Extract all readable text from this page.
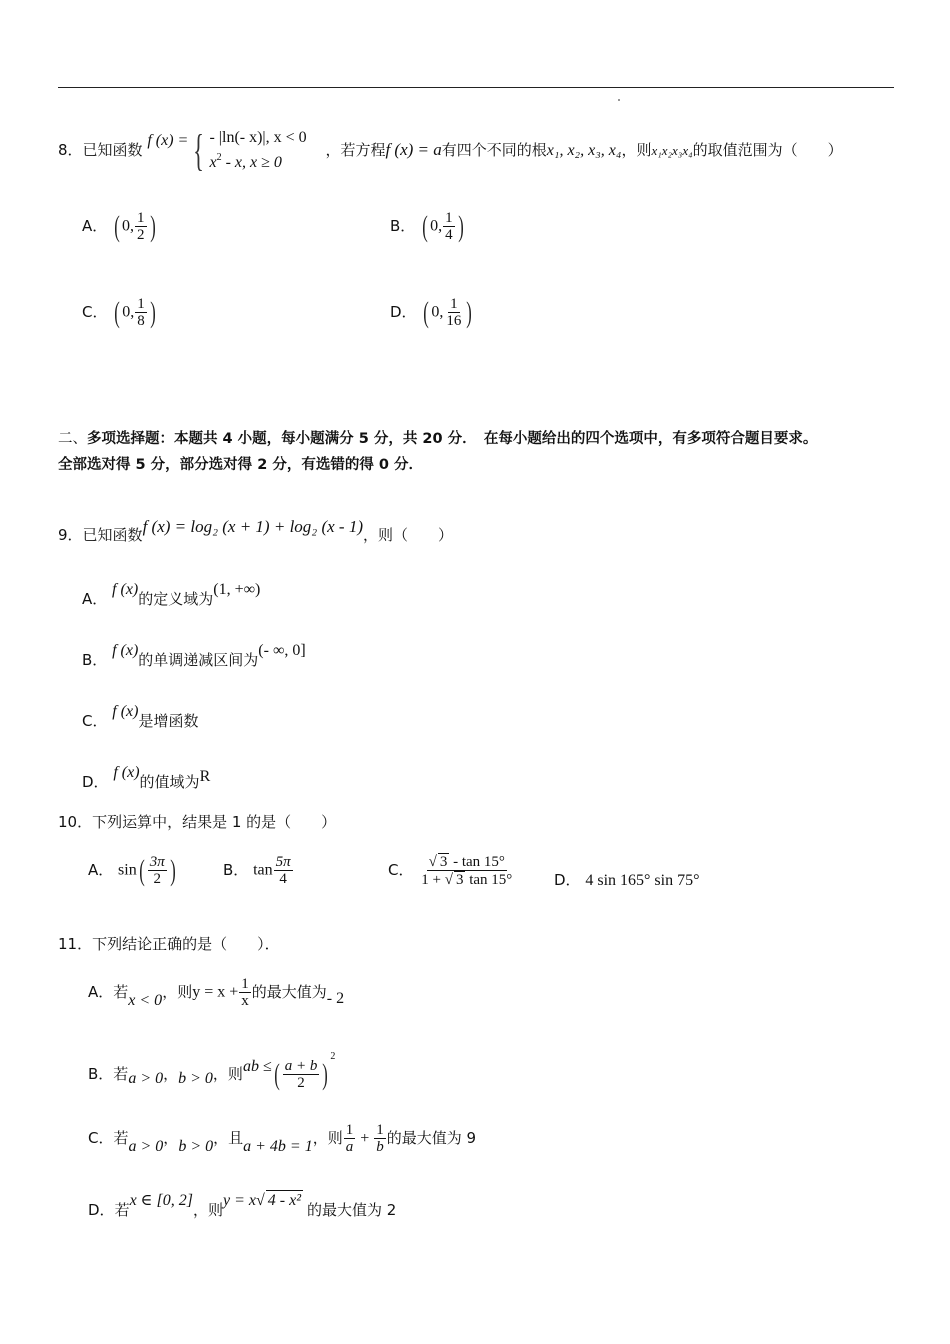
8．已知函数 f (x) = { - |ln(- x)|, x < 0
$x^2$ - x, x ≥ 0
，若方程f (x) = a有四个不同的根x₁, x₂, x₃, x₄，则x₁x₂x₃x₄的取值范围为（　　）
A． ( 0, $\frac{1}{2}$ )	B． ( 0, $\frac{1}{4}$ )
C． ( 0, $\frac{1}{8}$ )	D． ( 0, $\frac{1}{16}$ )
二、多项选择题：本题共 4 小题，每小题满分 5 分，共 20 分．　在每小题给出的四个选项中，有多项符合题目要求。
全部选对得 5 分，部分选对得 2 分，有选错的得 0 分．
9．已知函数f (x) = log₂ (x + 1) + log₂ (x - 1)，则（　　）
A． f (x)的定义域为(1, +∞)
B． f (x)的单调递减区间为(- ∞, 0]
C． f (x)是增函数
D． f (x)的值域为R
10．下列运算中，结果是 1 的是（　　）
A． $\sin( \frac{3\pi}{2}$ )	B． $\tan \frac{5\pi}{4}$	C． $\frac{√ 3 - \tan 15^\circ}{1 + √ 3 \tan 15^\circ}$	D． 4 sin 165° sin 75°
11．下列结论正确的是（　　）．
A．若x < 0，则$y = x + \frac{1}{x}$ 的最大值为- 2
B．若a > 0，b > 0，则ab ≤( $\frac{a + b}{2} )^2$
C．若a > 0，b > 0，且a + 4b = 1，则 $\frac{1}{a} + \frac{1}{b}$ 的最大值为 9
D．若x ∈ [0, 2]，则y = x√ 4 - x²的最大值为 2
